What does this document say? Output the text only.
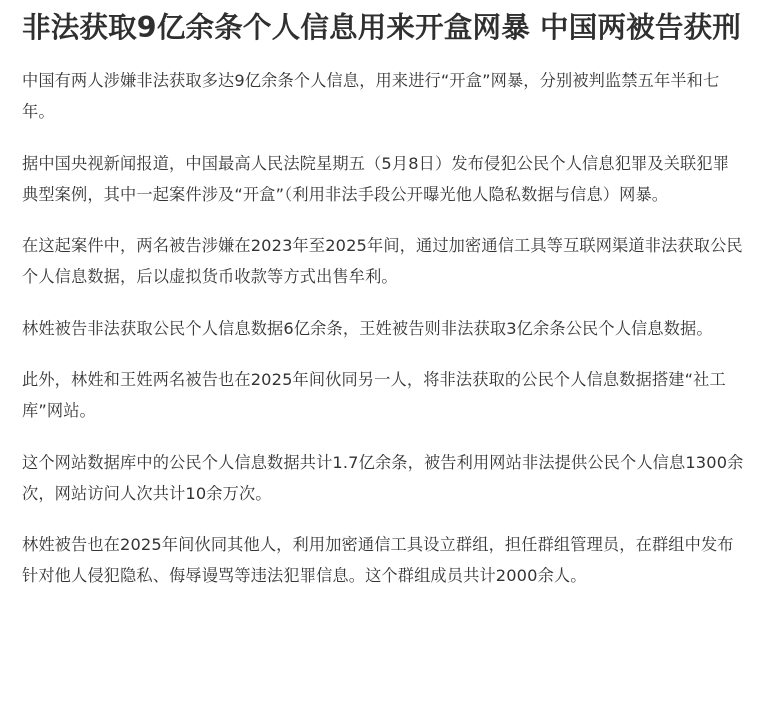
非法获取9亿余条个人信息用来开盒网暴 中国两被告获刑

中国有两人涉嫌非法获取多达9亿余条个人信息，用来进行“开盒”网暴，分别被判监禁五年半和七年。

据中国央视新闻报道，中国最高人民法院星期五（5月8日）发布侵犯公民个人信息犯罪及关联犯罪典型案例，其中一起案件涉及“开盒”（利用非法手段公开曝光他人隐私数据与信息）网暴。

在这起案件中，两名被告涉嫌在2023年至2025年间，通过加密通信工具等互联网渠道非法获取公民个人信息数据，后以虚拟货币收款等方式出售牟利。

林姓被告非法获取公民个人信息数据6亿余条，王姓被告则非法获取3亿余条公民个人信息数据。

此外，林姓和王姓两名被告也在2025年间伙同另一人，将非法获取的公民个人信息数据搭建“社工库”网站。

这个网站数据库中的公民个人信息数据共计1.7亿余条，被告利用网站非法提供公民个人信息1300余次，网站访问人次共计10余万次。

林姓被告也在2025年间伙同其他人，利用加密通信工具设立群组，担任群组管理员，在群组中发布针对他人侵犯隐私、侮辱谩骂等违法犯罪信息。这个群组成员共计2000余人。
